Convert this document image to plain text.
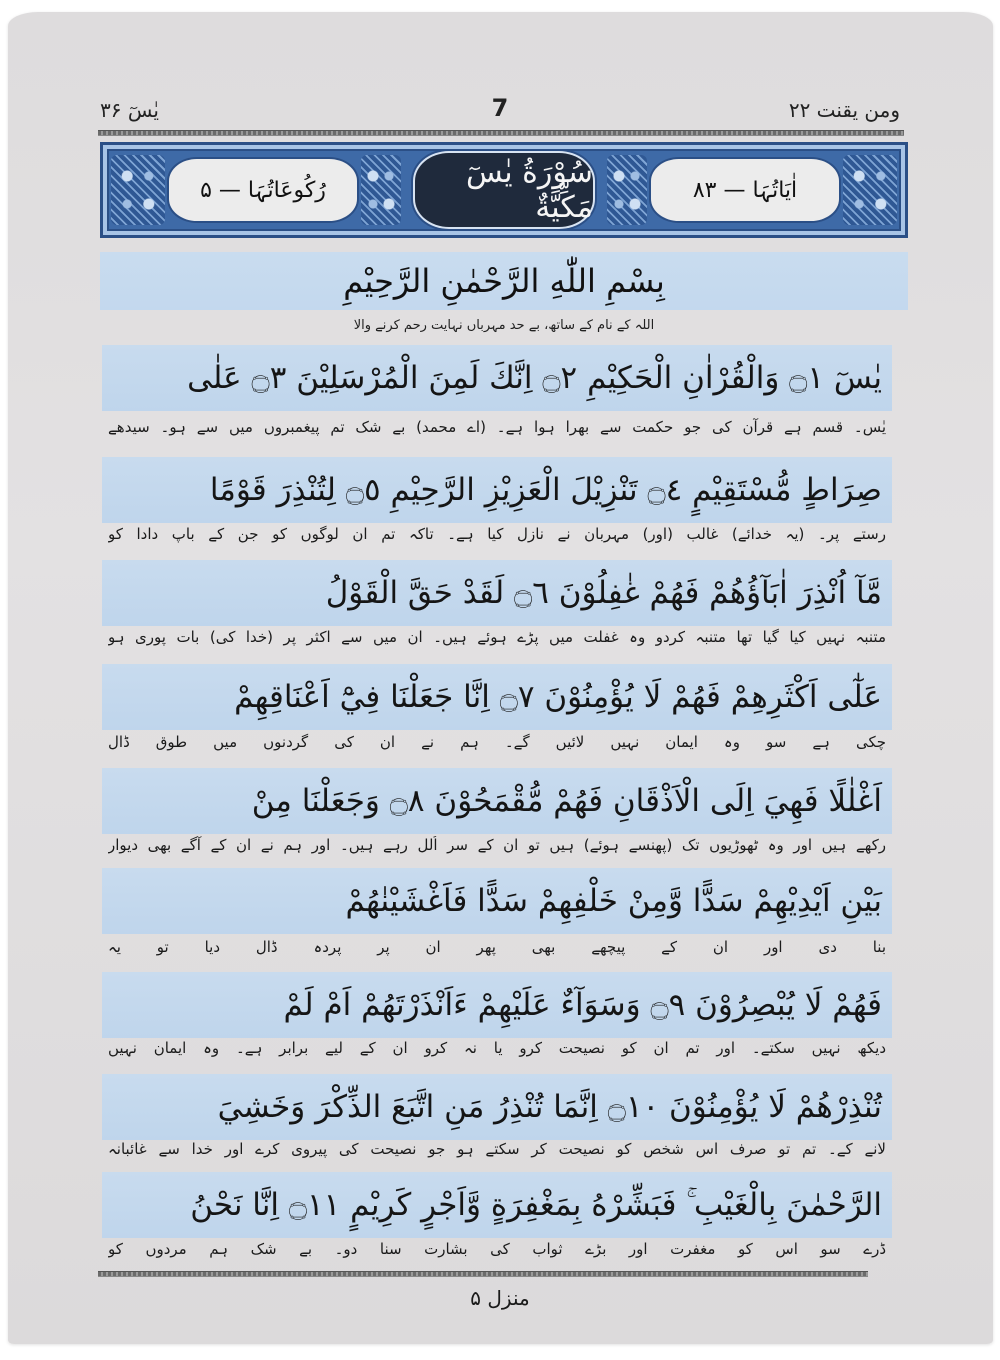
ومن یقنت ۲۲
7
یٰسٓ ۳۶
رُکُوعَاتُہَا — ۵	سُوْرَةُ يٰسٓ مَكِّيَّةٌ	اٰیَاتُہَا — ۸۳
بِسْمِ اللّٰهِ الرَّحْمٰنِ الرَّحِيْمِ
اللہ کے نام کے ساتھ، بے حد مہرباں نہایت رحم کرنے والا
يٰسٓ ۝١ وَالْقُرْاٰنِ الْحَكِيْمِ ۝٢ اِنَّكَ لَمِنَ الْمُرْسَلِيْنَ ۝٣ عَلٰى
یٰس۔ قسم ہے قرآن کی جو حکمت سے بھرا ہوا ہے۔ (اے محمد) بے شک تم پیغمبروں میں سے ہو۔ سیدھے
صِرَاطٍ مُّسْتَقِيْمٍ ۝٤ تَنْزِيْلَ الْعَزِيْزِ الرَّحِيْمِ ۝٥ لِتُنْذِرَ قَوْمًا
رستے پر۔ (یہ خدائے) غالب (اور) مہربان نے نازل کیا ہے۔ تاکہ تم ان لوگوں کو جن کے باپ دادا کو
مَّآ اُنْذِرَ اٰبَآؤُهُمْ فَهُمْ غٰفِلُوْنَ ۝٦ لَقَدْ حَقَّ الْقَوْلُ
متنبہ نہیں کیا گیا تھا متنبہ کردو وہ غفلت میں پڑے ہوئے ہیں۔ ان میں سے اکثر پر (خدا کی) بات پوری ہو
عَلٰٓى اَكْثَرِهِمْ فَهُمْ لَا يُؤْمِنُوْنَ ۝٧ اِنَّا جَعَلْنَا فِيْٓ اَعْنَاقِهِمْ
چکی ہے سو وہ ایمان نہیں لائیں گے۔ ہم نے ان کی گردنوں میں طوق ڈال
اَغْلٰلًا فَهِيَ اِلَى الْاَذْقَانِ فَهُمْ مُّقْمَحُوْنَ ۝٨ وَجَعَلْنَا مِنْ
رکھے ہیں اور وہ ٹھوڑیوں تک (پھنسے ہوئے) ہیں تو ان کے سر اُلل رہے ہیں۔ اور ہم نے ان کے آگے بھی دیوار
بَيْنِ اَيْدِيْهِمْ سَدًّا وَّمِنْ خَلْفِهِمْ سَدًّا فَاَغْشَيْنٰهُمْ
بنا دی اور ان کے پیچھے بھی پھر ان پر پردہ ڈال دیا تو یہ
فَهُمْ لَا يُبْصِرُوْنَ ۝٩ وَسَوَآءٌ عَلَيْهِمْ ءَاَنْذَرْتَهُمْ اَمْ لَمْ
دیکھ نہیں سکتے۔ اور تم ان کو نصیحت کرو یا نہ کرو ان کے لیے برابر ہے۔ وہ ایمان نہیں
تُنْذِرْهُمْ لَا يُؤْمِنُوْنَ ۝١٠ اِنَّمَا تُنْذِرُ مَنِ اتَّبَعَ الذِّكْرَ وَخَشِيَ
لانے کے۔ تم تو صرف اس شخص کو نصیحت کر سکتے ہو جو نصیحت کی پیروی کرے اور خدا سے غائبانہ
الرَّحْمٰنَ بِالْغَيْبِ ۚ فَبَشِّرْهُ بِمَغْفِرَةٍ وَّاَجْرٍ كَرِيْمٍ ۝١١ اِنَّا نَحْنُ
ڈرے سو اس کو مغفرت اور بڑے ثواب کی بشارت سنا دو۔ بے شک ہم مردوں کو
منزل ۵
